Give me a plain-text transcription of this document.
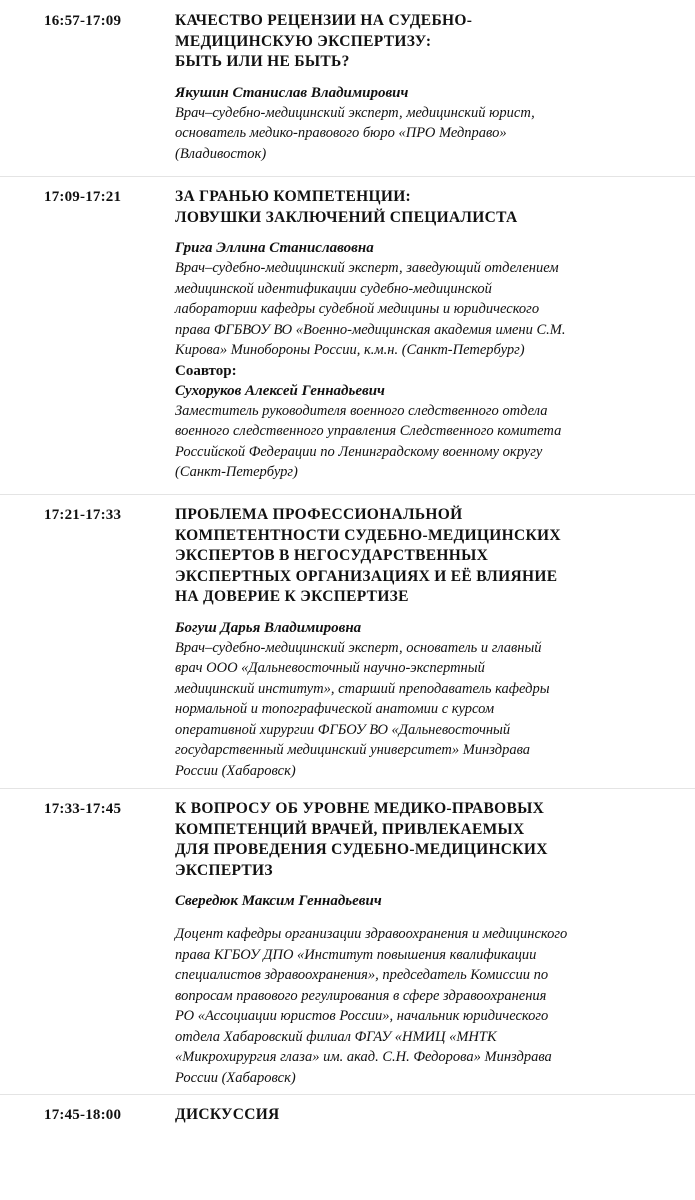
16:57-17:09	КАЧЕСТВО РЕЦЕНЗИИ НА СУДЕБНО-
МЕДИЦИНСКУЮ ЭКСПЕРТИЗУ:
БЫТЬ ИЛИ НЕ БЫТЬ?

Якушин Станислав Владимирович

Врач–судебно-медицинский эксперт, медицинский юрист,
основатель медико-правового бюро «ПРО Медправо»
(Владивосток)
17:09-17:21	ЗА ГРАНЬЮ КОМПЕТЕНЦИИ:
ЛОВУШКИ ЗАКЛЮЧЕНИЙ СПЕЦИАЛИСТА

Грига Эллина Станиславовна

Врач–судебно-медицинский эксперт, заведующий отделением
медицинской идентификации судебно-медицинской
лаборатории кафедры судебной медицины и юридического
права ФГБВОУ ВО «Военно-медицинская академия имени С.М.
Кирова» Минобороны России, к.м.н. (Санкт-Петербург)

Соавтор:

Сухоруков Алексей Геннадьевич

Заместитель руководителя военного следственного отдела
военного следственного управления Следственного комитета
Российской Федерации по Ленинградскому военному округу
(Санкт-Петербург)
17:21-17:33	ПРОБЛЕМА ПРОФЕССИОНАЛЬНОЙ
КОМПЕТЕНТНОСТИ СУДЕБНО-МЕДИЦИНСКИХ
ЭКСПЕРТОВ В НЕГОСУДАРСТВЕННЫХ
ЭКСПЕРТНЫХ ОРГАНИЗАЦИЯХ И ЕЁ ВЛИЯНИЕ
НА ДОВЕРИЕ К ЭКСПЕРТИЗЕ

Богуш Дарья Владимировна

Врач–судебно-медицинский эксперт, основатель и главный
врач ООО «Дальневосточный научно-экспертный
медицинский институт», старший преподаватель кафедры
нормальной и топографической анатомии с курсом
оперативной хирургии ФГБОУ ВО «Дальневосточный
государственный медицинский университет» Минздрава
России (Хабаровск)
17:33-17:45	К ВОПРОСУ ОБ УРОВНЕ МЕДИКО-ПРАВОВЫХ
КОМПЕТЕНЦИЙ ВРАЧЕЙ, ПРИВЛЕКАЕМЫХ
ДЛЯ ПРОВЕДЕНИЯ СУДЕБНО-МЕДИЦИНСКИХ
ЭКСПЕРТИЗ

Свередюк Максим Геннадьевич

Доцент кафедры организации здравоохранения и медицинского
права КГБОУ ДПО «Институт повышения квалификации
специалистов здравоохранения», председатель Комиссии по
вопросам правового регулирования в сфере здравоохранения
РО «Ассоциации юристов России», начальник юридического
отдела Хабаровский филиал ФГАУ «НМИЦ «МНТК
«Микрохирургия глаза» им. акад. С.Н. Федорова» Минздрава
России (Хабаровск)
17:45-18:00	ДИСКУССИЯ
